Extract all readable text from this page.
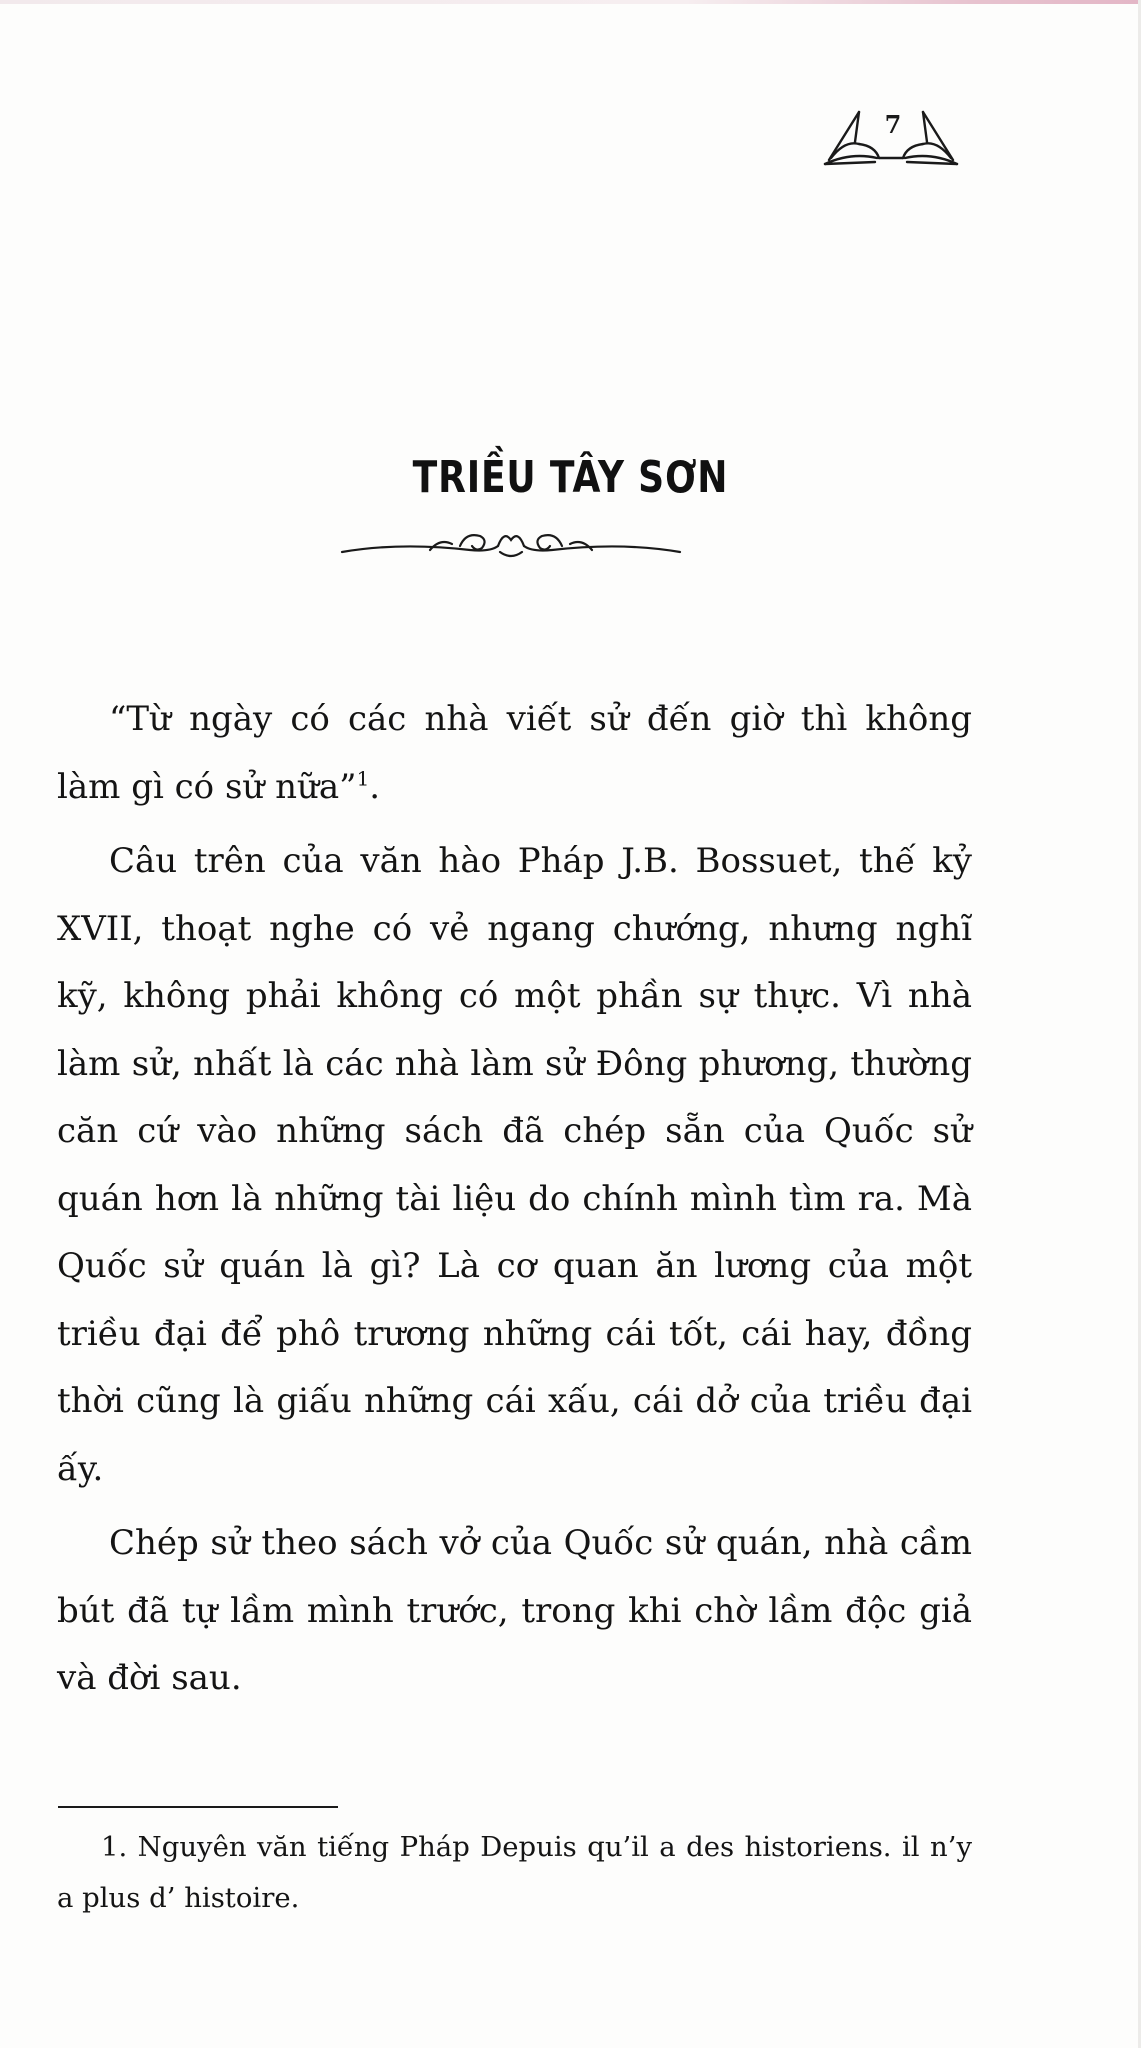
7
TRIỀU TÂY SƠN

“Từ ngày có các nhà viết sử đến giờ thì không làm gì có sử nữa”$^1$.

Câu trên của văn hào Pháp J.B. Bossuet, thế kỷ XVII, thoạt nghe có vẻ ngang chướng, nhưng nghĩ kỹ, không phải không có một phần sự thực. Vì nhà làm sử, nhất là các nhà làm sử Đông phương, thường căn cứ vào những sách đã chép sẵn của Quốc sử quán hơn là những tài liệu do chính mình tìm ra. Mà Quốc sử quán là gì? Là cơ quan ăn lương của một triều đại để phô trương những cái tốt, cái hay, đồng thời cũng là giấu những cái xấu, cái dở của triều đại ấy.

Chép sử theo sách vở của Quốc sử quán, nhà cầm bút đã tự lầm mình trước, trong khi chờ lầm độc giả và đời sau.

1. Nguyên văn tiếng Pháp Depuis qu’il a des historiens. il n’y a plus d’ histoire.
